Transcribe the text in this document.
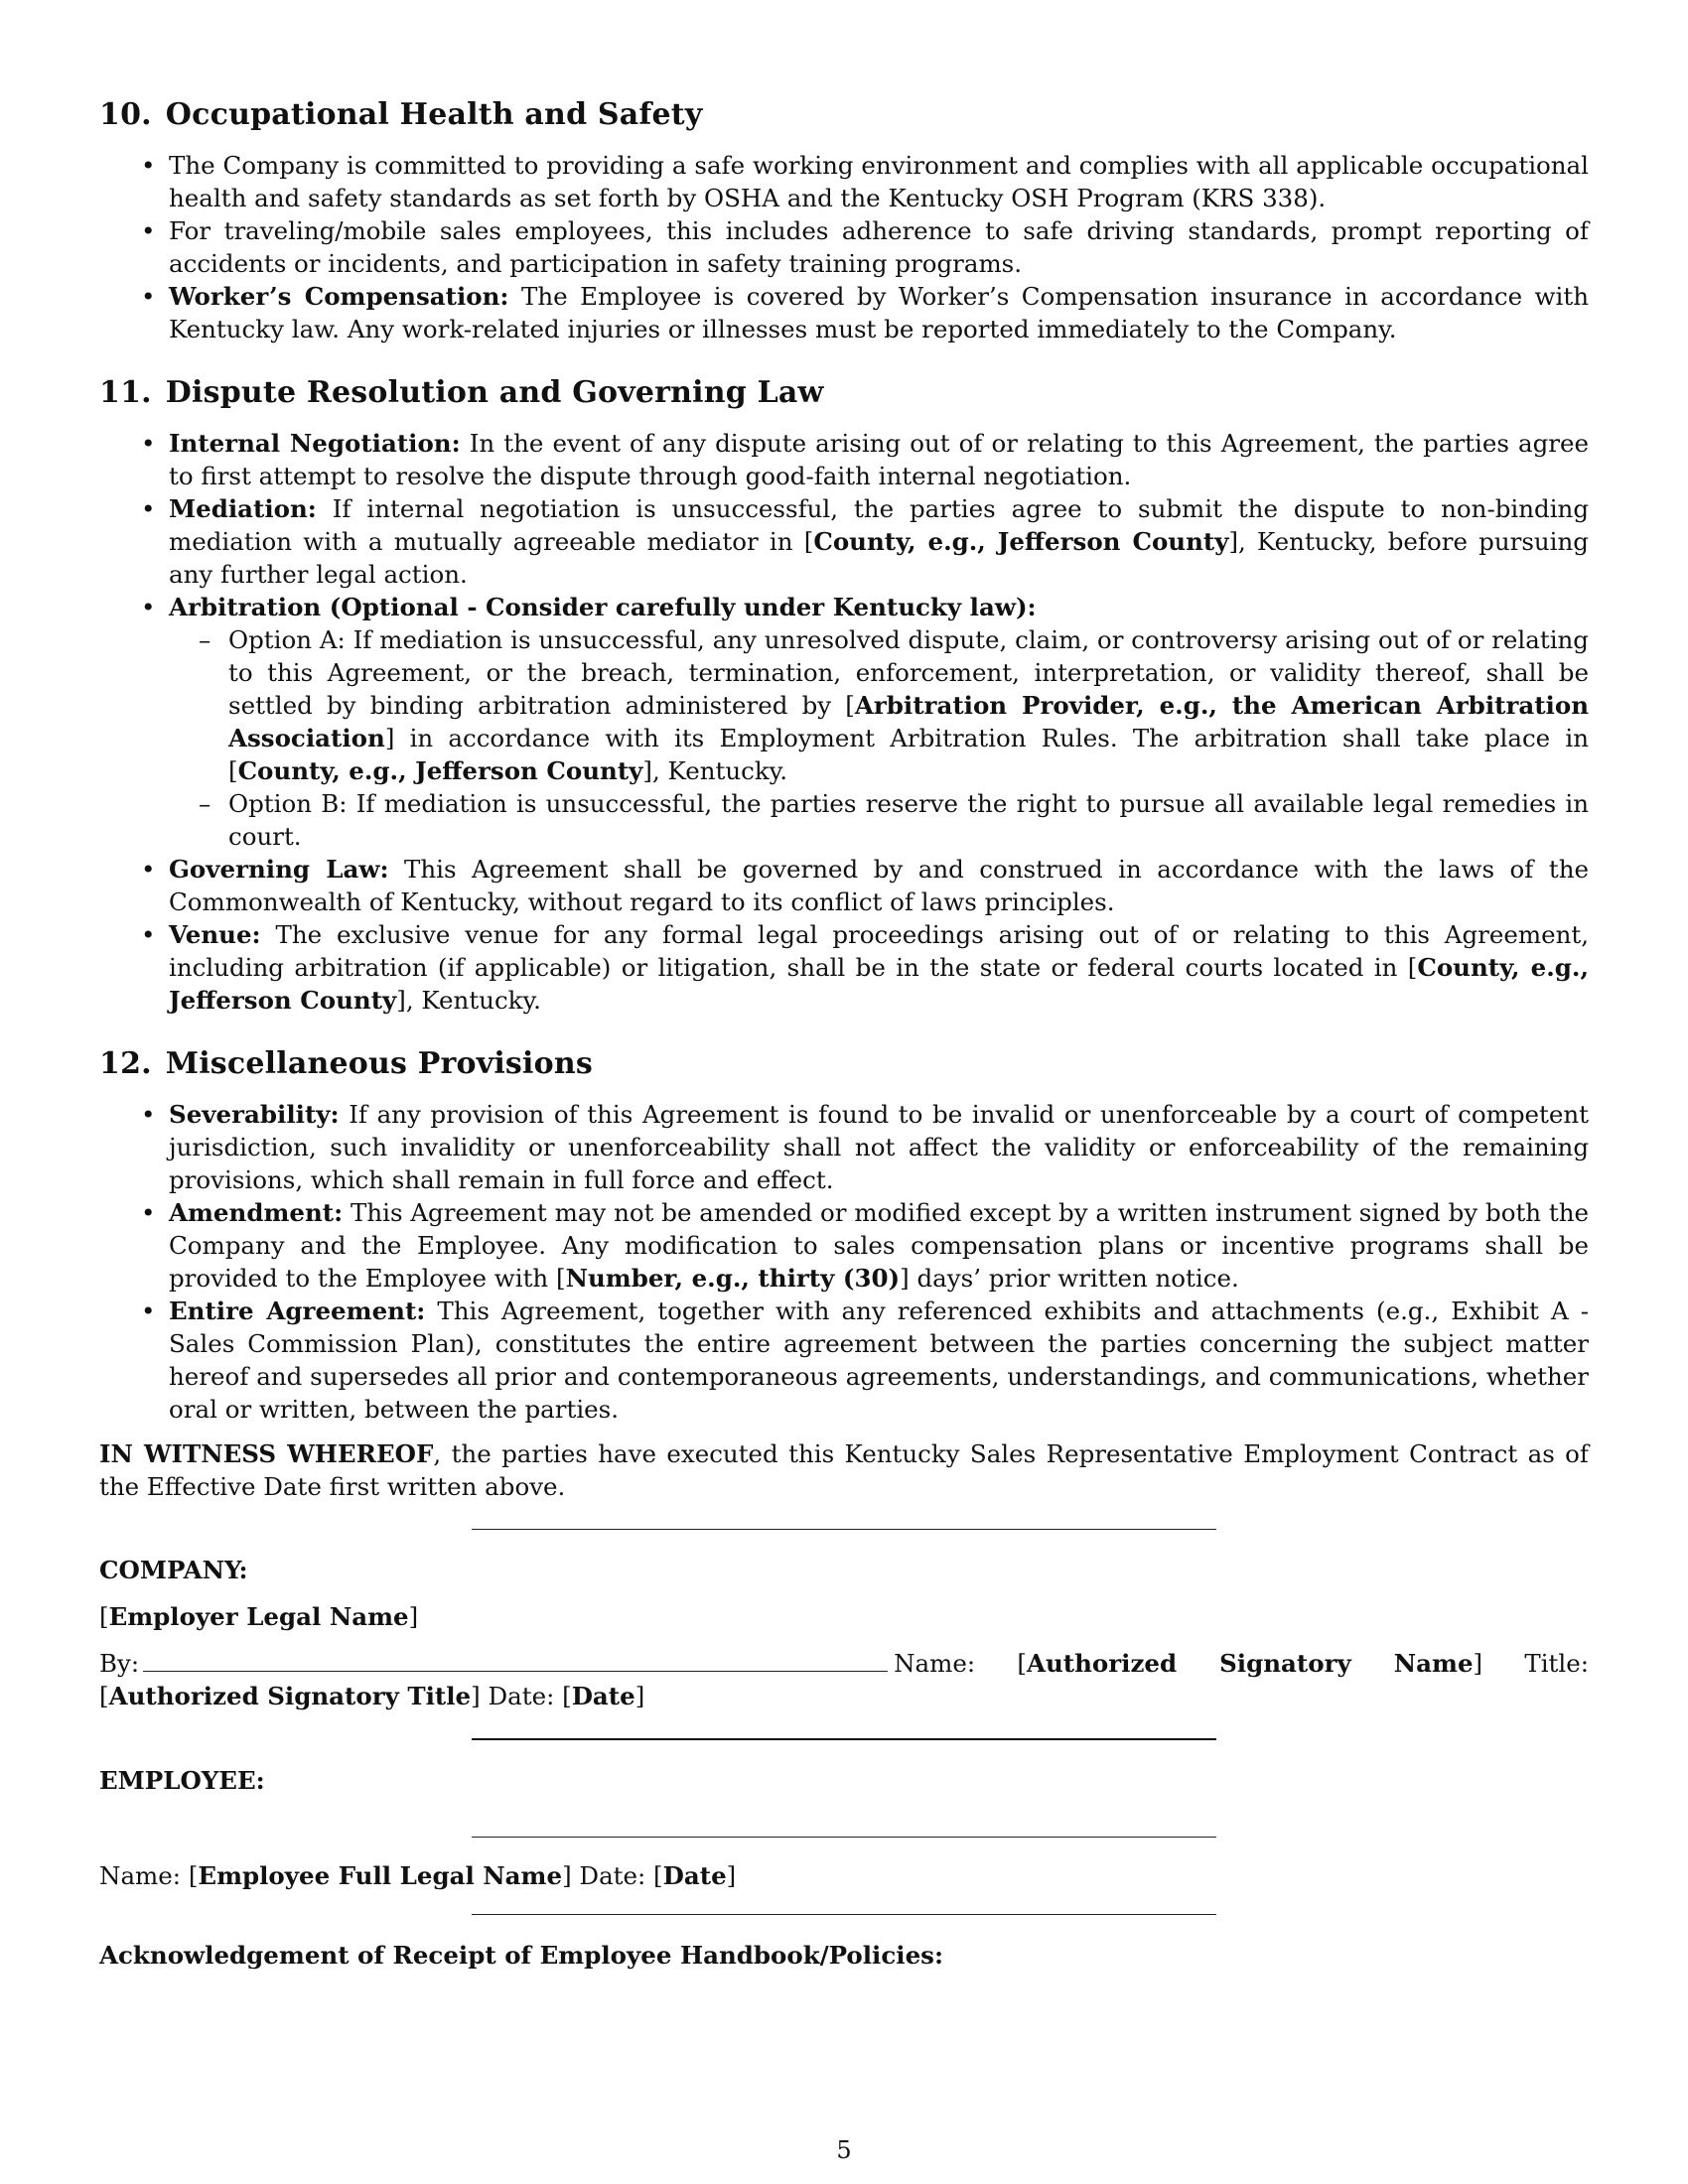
10. Occupational Health and Safety
• The Company is committed to providing a safe working environment and complies with all applicable occupational health and safety standards as set forth by OSHA and the Kentucky OSH Program (KRS 338).
• For traveling/mobile sales employees, this includes adherence to safe driving standards, prompt reporting of accidents or incidents, and participation in safety training programs.
• Worker’s Compensation: The Employee is covered by Worker’s Compensation insurance in accordance with Kentucky law. Any work-related injuries or illnesses must be reported immediately to the Company.
11. Dispute Resolution and Governing Law
• Internal Negotiation: In the event of any dispute arising out of or relating to this Agreement, the parties agree to first attempt to resolve the dispute through good-faith internal negotiation.
• Mediation: If internal negotiation is unsuccessful, the parties agree to submit the dispute to non-binding mediation with a mutually agreeable mediator in [County, e.g., Jefferson County], Kentucky, before pursuing any further legal action.
• Arbitration (Optional - Consider carefully under Kentucky law):
– Option A: If mediation is unsuccessful, any unresolved dispute, claim, or controversy arising out of or relating to this Agreement, or the breach, termination, enforcement, interpretation, or validity thereof, shall be settled by binding arbitration administered by [Arbitration Provider, e.g., the American Arbitration Association] in accordance with its Employment Arbitration Rules. The arbitration shall take place in [County, e.g., Jefferson County], Kentucky.
– Option B: If mediation is unsuccessful, the parties reserve the right to pursue all available legal remedies in court.
• Governing Law: This Agreement shall be governed by and construed in accordance with the laws of the Commonwealth of Kentucky, without regard to its conflict of laws principles.
• Venue: The exclusive venue for any formal legal proceedings arising out of or relating to this Agreement, including arbitration (if applicable) or litigation, shall be in the state or federal courts located in [County, e.g., Jefferson County], Kentucky.
12. Miscellaneous Provisions
• Severability: If any provision of this Agreement is found to be invalid or unenforceable by a court of competent jurisdiction, such invalidity or unenforceability shall not affect the validity or enforceability of the remaining provisions, which shall remain in full force and effect.
• Amendment: This Agreement may not be amended or modified except by a written instrument signed by both the Company and the Employee. Any modification to sales compensation plans or incentive programs shall be provided to the Employee with [Number, e.g., thirty (30)] days’ prior written notice.
• Entire Agreement: This Agreement, together with any referenced exhibits and attachments (e.g., Exhibit A - Sales Commission Plan), constitutes the entire agreement between the parties concerning the subject matter hereof and supersedes all prior and contemporaneous agreements, understandings, and communications, whether oral or written, between the parties.

IN WITNESS WHEREOF, the parties have executed this Kentucky Sales Representative Employment Contract as of the Effective Date first written above.

COMPANY:

[Employer Legal Name]

By:	Name: [Authorized Signatory Name] Title: [Authorized Signatory Title] Date: [Date]

EMPLOYEE:

Name: [Employee Full Legal Name] Date: [Date]

Acknowledgement of Receipt of Employee Handbook/Policies:

5
